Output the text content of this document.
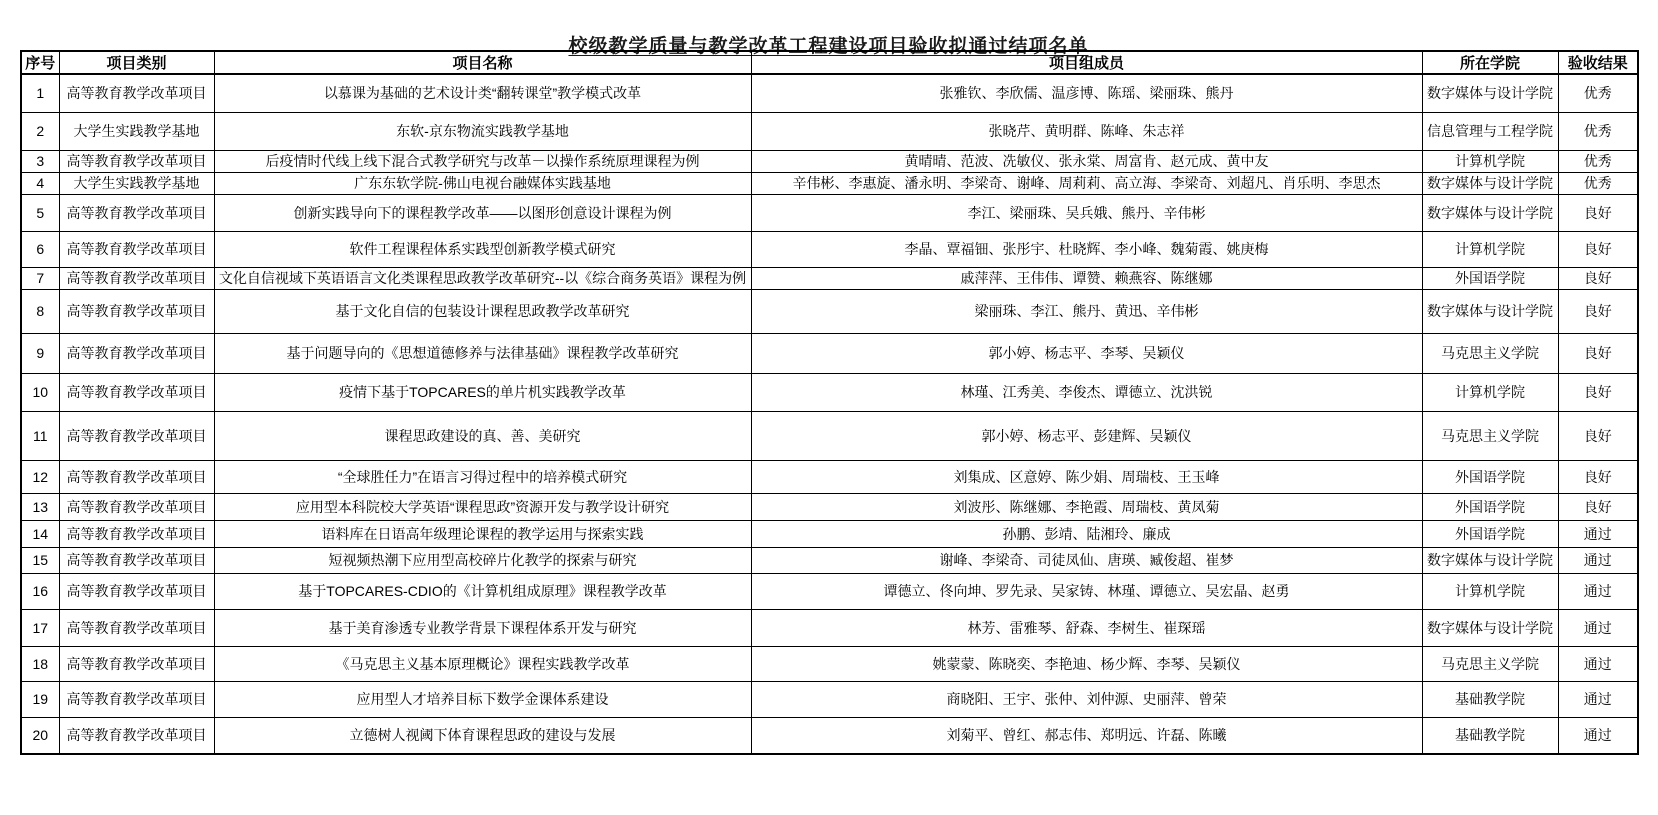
校级教学质量与教学改革工程建设项目验收拟通过结项名单
序号	项目类别	项目名称	项目组成员	所在学院	验收结果
1	高等教育教学改革项目	以慕课为基础的艺术设计类“翻转课堂”教学模式改革	张雅钦、李欣儒、温彦博、陈瑶、梁丽珠、熊丹	数字媒体与设计学院	优秀
2	大学生实践教学基地	东软-京东物流实践教学基地	张晓芹、黄明群、陈峰、朱志祥	信息管理与工程学院	优秀
3	高等教育教学改革项目	后疫情时代线上线下混合式教学研究与改革－以操作系统原理课程为例	黄晴晴、范波、冼敏仪、张永棠、周富肯、赵元成、黄中友	计算机学院	优秀
4	大学生实践教学基地	广东东软学院-佛山电视台融媒体实践基地	辛伟彬、李惠旋、潘永明、李梁奇、谢峰、周莉莉、高立海、李梁奇、刘超凡、肖乐明、李思杰	数字媒体与设计学院	优秀
5	高等教育教学改革项目	创新实践导向下的课程教学改革——以图形创意设计课程为例	李江、梁丽珠、吴兵娥、熊丹、辛伟彬	数字媒体与设计学院	良好
6	高等教育教学改革项目	软件工程课程体系实践型创新教学模式研究	李晶、覃福钿、张彤宇、杜晓辉、李小峰、魏菊霞、姚庚梅	计算机学院	良好
7	高等教育教学改革项目	文化自信视域下英语语言文化类课程思政教学改革研究--以《综合商务英语》课程为例	戚萍萍、王伟伟、谭赞、赖燕容、陈继娜	外国语学院	良好
8	高等教育教学改革项目	基于文化自信的包装设计课程思政教学改革研究	梁丽珠、李江、熊丹、黄迅、辛伟彬	数字媒体与设计学院	良好
9	高等教育教学改革项目	基于问题导向的《思想道德修养与法律基础》课程教学改革研究	郭小婷、杨志平、李琴、吴颖仪	马克思主义学院	良好
10	高等教育教学改革项目	疫情下基于TOPCARES的单片机实践教学改革	林瑾、江秀美、李俊杰、谭德立、沈洪锐	计算机学院	良好
11	高等教育教学改革项目	课程思政建设的真、善、美研究	郭小婷、杨志平、彭建辉、吴颖仪	马克思主义学院	良好
12	高等教育教学改革项目	“全球胜任力”在语言习得过程中的培养模式研究	刘集成、区意婷、陈少娟、周瑞枝、王玉峰	外国语学院	良好
13	高等教育教学改革项目	应用型本科院校大学英语“课程思政”资源开发与教学设计研究	刘波彤、陈继娜、李艳霞、周瑞枝、黄凤菊	外国语学院	良好
14	高等教育教学改革项目	语料库在日语高年级理论课程的教学运用与探索实践	孙鹏、彭靖、陆湘玲、廉成	外国语学院	通过
15	高等教育教学改革项目	短视频热潮下应用型高校碎片化教学的探索与研究	谢峰、李梁奇、司徒凤仙、唐瑛、臧俊超、崔梦	数字媒体与设计学院	通过
16	高等教育教学改革项目	基于TOPCARES-CDIO的《计算机组成原理》课程教学改革	谭德立、佟向坤、罗先录、吴家铸、林瑾、谭德立、吴宏晶、赵勇	计算机学院	通过
17	高等教育教学改革项目	基于美育渗透专业教学背景下课程体系开发与研究	林芳、雷雅琴、舒森、李树生、崔琛瑶	数字媒体与设计学院	通过
18	高等教育教学改革项目	《马克思主义基本原理概论》课程实践教学改革	姚蒙蒙、陈晓奕、李艳迪、杨少辉、李琴、吴颖仪	马克思主义学院	通过
19	高等教育教学改革项目	应用型人才培养目标下数学金课体系建设	商晓阳、王宇、张仲、刘仲源、史丽萍、曾荣	基础教学院	通过
20	高等教育教学改革项目	立德树人视阈下体育课程思政的建设与发展	刘菊平、曾红、郝志伟、郑明远、许磊、陈曦	基础教学院	通过
